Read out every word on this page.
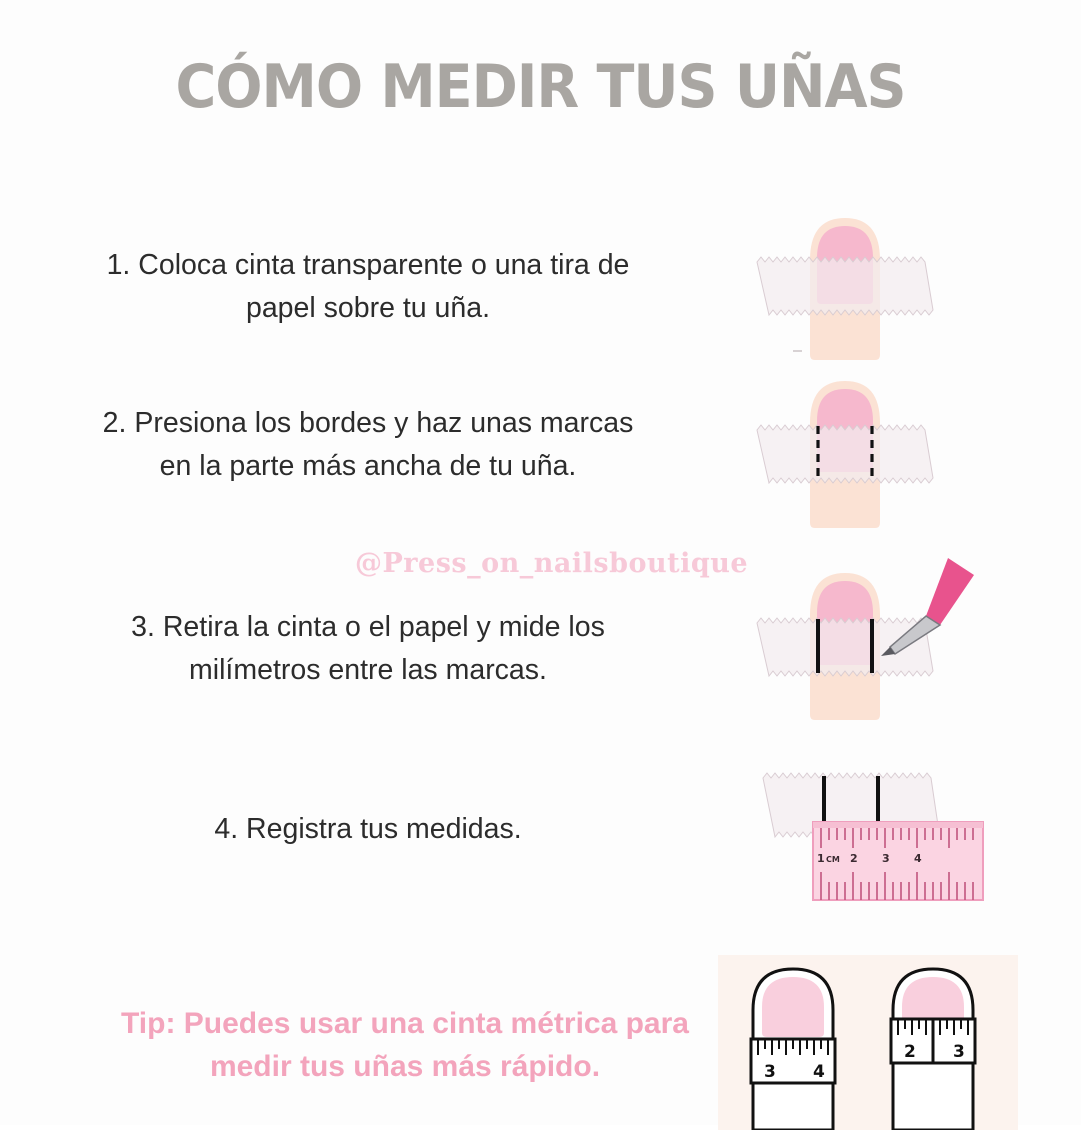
CÓMO MEDIR TUS UÑAS
1. Coloca cinta transparente o una tira de papel sobre tu uña.
2. Presiona los bordes y haz unas marcas en la parte más ancha de tu uña.
3. Retira la cinta o el papel y mide los milímetros entre las marcas.
4. Registra tus medidas.
@Press_on_nailsboutique
Tip: Puedes usar una cinta métrica para medir tus uñas más rápido.
1 CM 2 3 4
3 4
2 3
